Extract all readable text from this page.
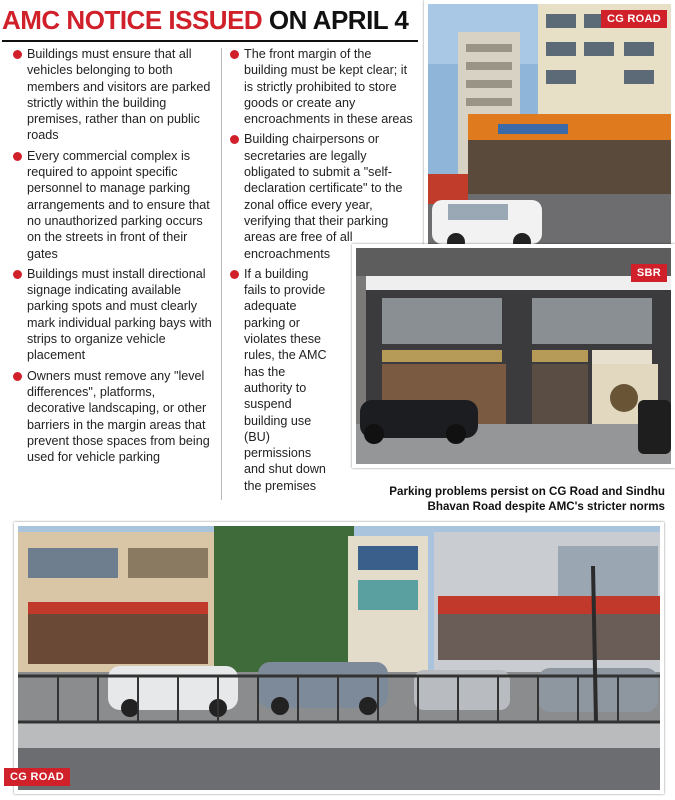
AMC NOTICE ISSUED ON APRIL 4	CG ROAD
SBR
Buildings must ensure that all vehicles belonging to both members and visitors are parked strictly within the building premises, rather than on public roads
Every commercial complex is required to appoint specific personnel to manage parking arrangements and to ensure that no unauthorized parking occurs on the streets in front of their gates
Buildings must install directional signage indicating available parking spots and must clearly mark individual parking bays with strips to organize vehicle placement
Owners must remove any "level differences", platforms, decorative landscaping, or other barriers in the margin areas that prevent those spaces from being used for vehicle parking
The front margin of the building must be kept clear; it is strictly prohibited to store goods or create any encroachments in these areas
Building chairpersons or secretaries are legally obligated to submit a "self-declaration certificate" to the zonal office every year, verifying that their parking areas are free of all encroachments
If a building fails to provide adequate parking or violates these rules, the AMC has the authority to suspend building use (BU) permissions and shut down the premises	Parking problems persist on CG Road and Sindhu Bhavan Road despite AMC's stricter norms
CG ROAD
